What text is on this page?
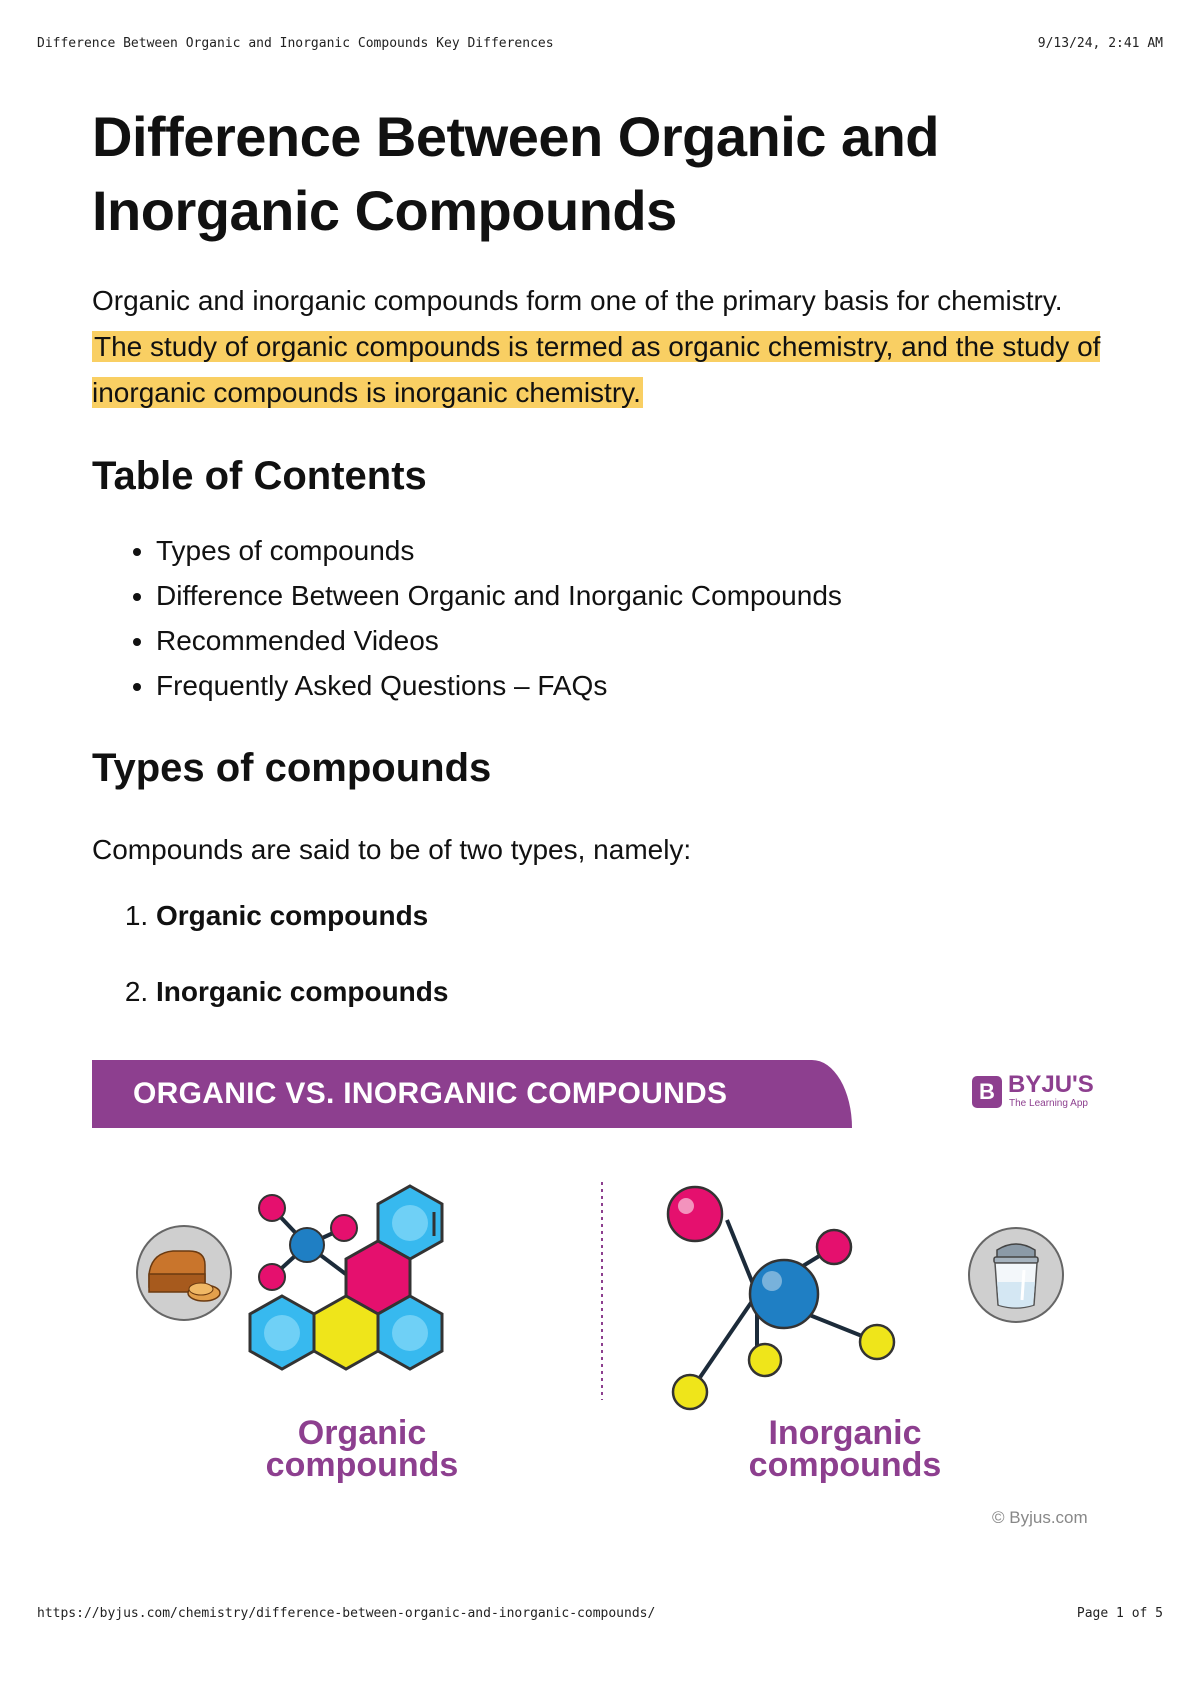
Difference Between Organic and Inorganic Compounds Key Differences	9/13/24, 2:41 AM
Difference Between Organic and Inorganic Compounds

Organic and inorganic compounds form one of the primary basis for chemistry. The study of organic compounds is termed as organic chemistry, and the study of inorganic compounds is inorganic chemistry.

Table of Contents
• Types of compounds
• Difference Between Organic and Inorganic Compounds
• Recommended Videos
• Frequently Asked Questions – FAQs
Types of compounds

Compounds are said to be of two types, namely:

1. Organic compounds
2. Inorganic compounds
ORGANIC VS. INORGANIC COMPOUNDS	B BYJU'S
The Learning App
Organic
compounds
Inorganic
compounds
© Byjus.com
https://byjus.com/chemistry/difference-between-organic-and-inorganic-compounds/	Page 1 of 5
